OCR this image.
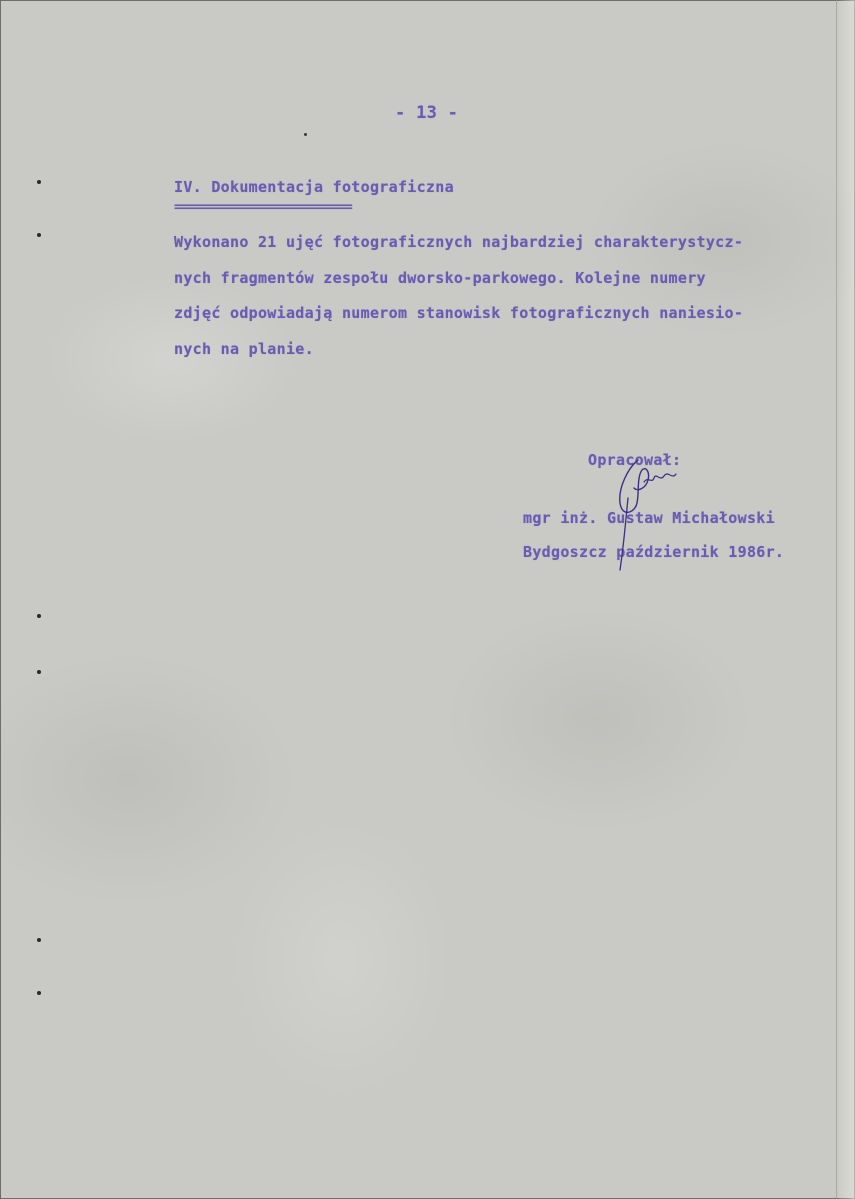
- 13 -
IV. Dokumentacja fotograficzna
============================
Wykonano 21 ujęć fotograficznych najbardziej charakterystycz-
nych fragmentów zespołu dworsko-parkowego. Kolejne numery
zdjęć odpowiadają numerom stanowisk fotograficznych naniesio-
nych na planie.
Opracował:
mgr inż. Gustaw Michałowski
Bydgoszcz październik 1986r.
